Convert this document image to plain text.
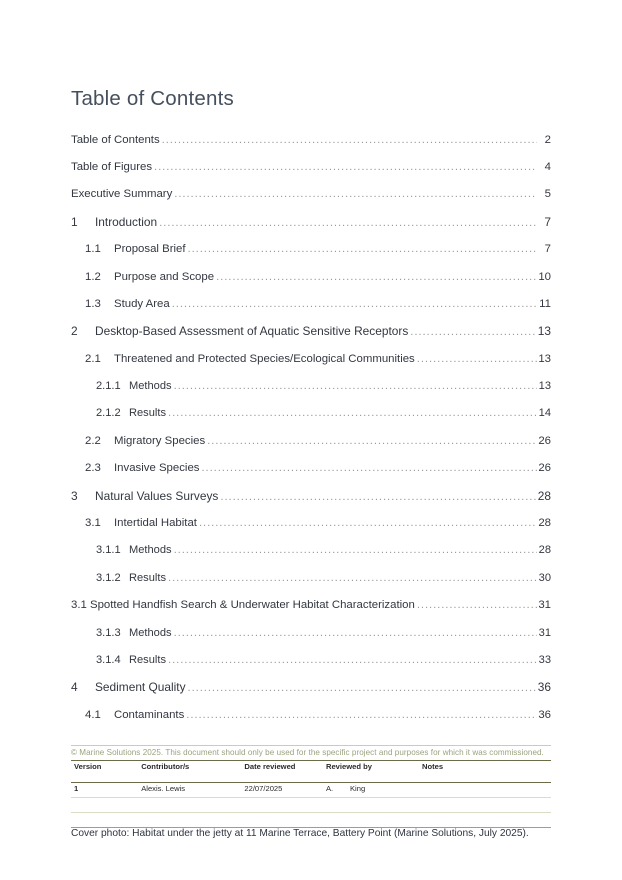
Table of Contents
Table of Contents .....	2
Table of Figures .....	4
Executive Summary .....	5
1	Introduction .....	7
1.1	Proposal Brief .....	7
1.2	Purpose and Scope .....	10
1.3	Study Area .....	11
2	Desktop-Based Assessment of Aquatic Sensitive Receptors .....	13
2.1	Threatened and Protected Species/Ecological Communities .....	13
2.1.1 Methods .....	13
2.1.2 Results .....	14
2.2	Migratory Species .....	26
2.3	Invasive Species .....	26
3	Natural Values Surveys .....	28
3.1	Intertidal Habitat .....	28
3.1.1 Methods .....	28
3.1.2 Results .....	30
3.1 Spotted Handfish Search & Underwater Habitat Characterization .....	31
3.1.3 Methods .....	31
3.1.4 Results .....	33
4	Sediment Quality .....	36
4.1	Contaminants .....	36
© Marine Solutions 2025. This document should only be used for the specific project and purposes for which it was commissioned.
Version	Contributor/s	Date reviewed	Reviewed by	Notes
1	Alexis. Lewis	22/07/2025	A. King	

Cover photo: Habitat under the jetty at 11 Marine Terrace, Battery Point (Marine Solutions, July 2025).
